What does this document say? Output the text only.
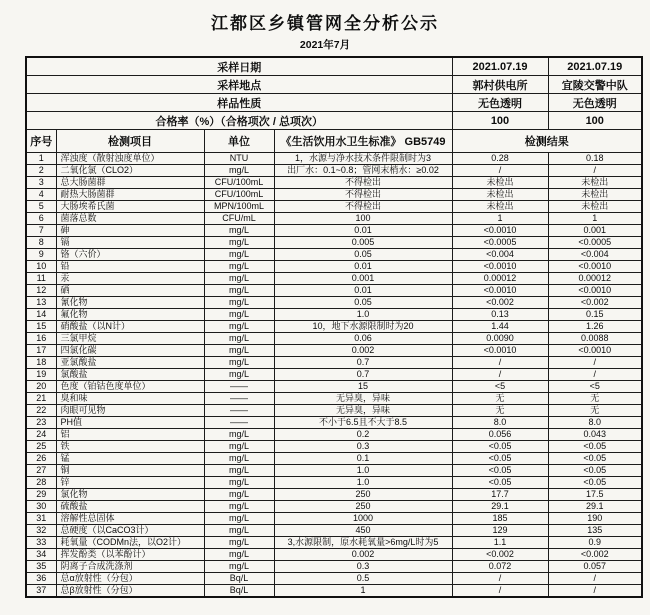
江都区乡镇管网全分析公示
2021年7月
采样日期				2021.07.19	2021.07.19
采样地点				郭村供电所	宜陵交警中队
样品性质				无色透明	无色透明
合格率（%）（合格项次 / 总项次）				100	100
序号	检测项目	单位	《生活饮用水卫生标准》 GB5749	检测结果	
1	浑浊度（散射浊度单位）	NTU	1，水源与净水技术条件限制时为3	0.28	0.18
2	二氧化氯（CLO2）	mg/L	出厂水：0.1~0.8；管网末梢水：≥0.02	/	/
3	总大肠菌群	CFU/100mL	不得检出	未检出	未检出
4	耐热大肠菌群	CFU/100mL	不得检出	未检出	未检出
5	大肠埃希氏菌	MPN/100mL	不得检出	未检出	未检出
6	菌落总数	CFU/mL	100	1	1
7	砷	mg/L	0.01	<0.0010	0.001
8	镉	mg/L	0.005	<0.0005	<0.0005
9	铬（六价）	mg/L	0.05	<0.004	<0.004
10	铅	mg/L	0.01	<0.0010	<0.0010
11	汞	mg/L	0.001	0.00012	0.00012
12	硒	mg/L	0.01	<0.0010	<0.0010
13	氰化物	mg/L	0.05	<0.002	<0.002
14	氟化物	mg/L	1.0	0.13	0.15
15	硝酸盐（以N计）	mg/L	10，地下水源限制时为20	1.44	1.26
16	三氯甲烷	mg/L	0.06	0.0090	0.0088
17	四氯化碳	mg/L	0.002	<0.0010	<0.0010
18	亚氯酸盐	mg/L	0.7	/	/
19	氯酸盐	mg/L	0.7	/	/
20	色度（铂钴色度单位）	——	15	<5	<5
21	臭和味	——	无异臭，异味	无	无
22	肉眼可见物	——	无异臭，异味	无	无
23	PH值	——	不小于6.5且不大于8.5	8.0	8.0
24	铝	mg/L	0.2	0.056	0.043
25	铁	mg/L	0.3	<0.05	<0.05
26	锰	mg/L	0.1	<0.05	<0.05
27	铜	mg/L	1.0	<0.05	<0.05
28	锌	mg/L	1.0	<0.05	<0.05
29	氯化物	mg/L	250	17.7	17.5
30	硫酸盐	mg/L	250	29.1	29.1
31	溶解性总固体	mg/L	1000	185	190
32	总硬度（以CaCO3计）	mg/L	450	129	135
33	耗氧量（CODMn法，以O2计）	mg/L	3,水源限制，原水耗氧量>6mg/L时为5	1.1	0.9
34	挥发酚类（以苯酚计）	mg/L	0.002	<0.002	<0.002
35	阴离子合成洗涤剂	mg/L	0.3	0.072	0.057
36	总α放射性（分包）	Bq/L	0.5	/	/
37	总β放射性（分包）	Bq/L	1	/	/
